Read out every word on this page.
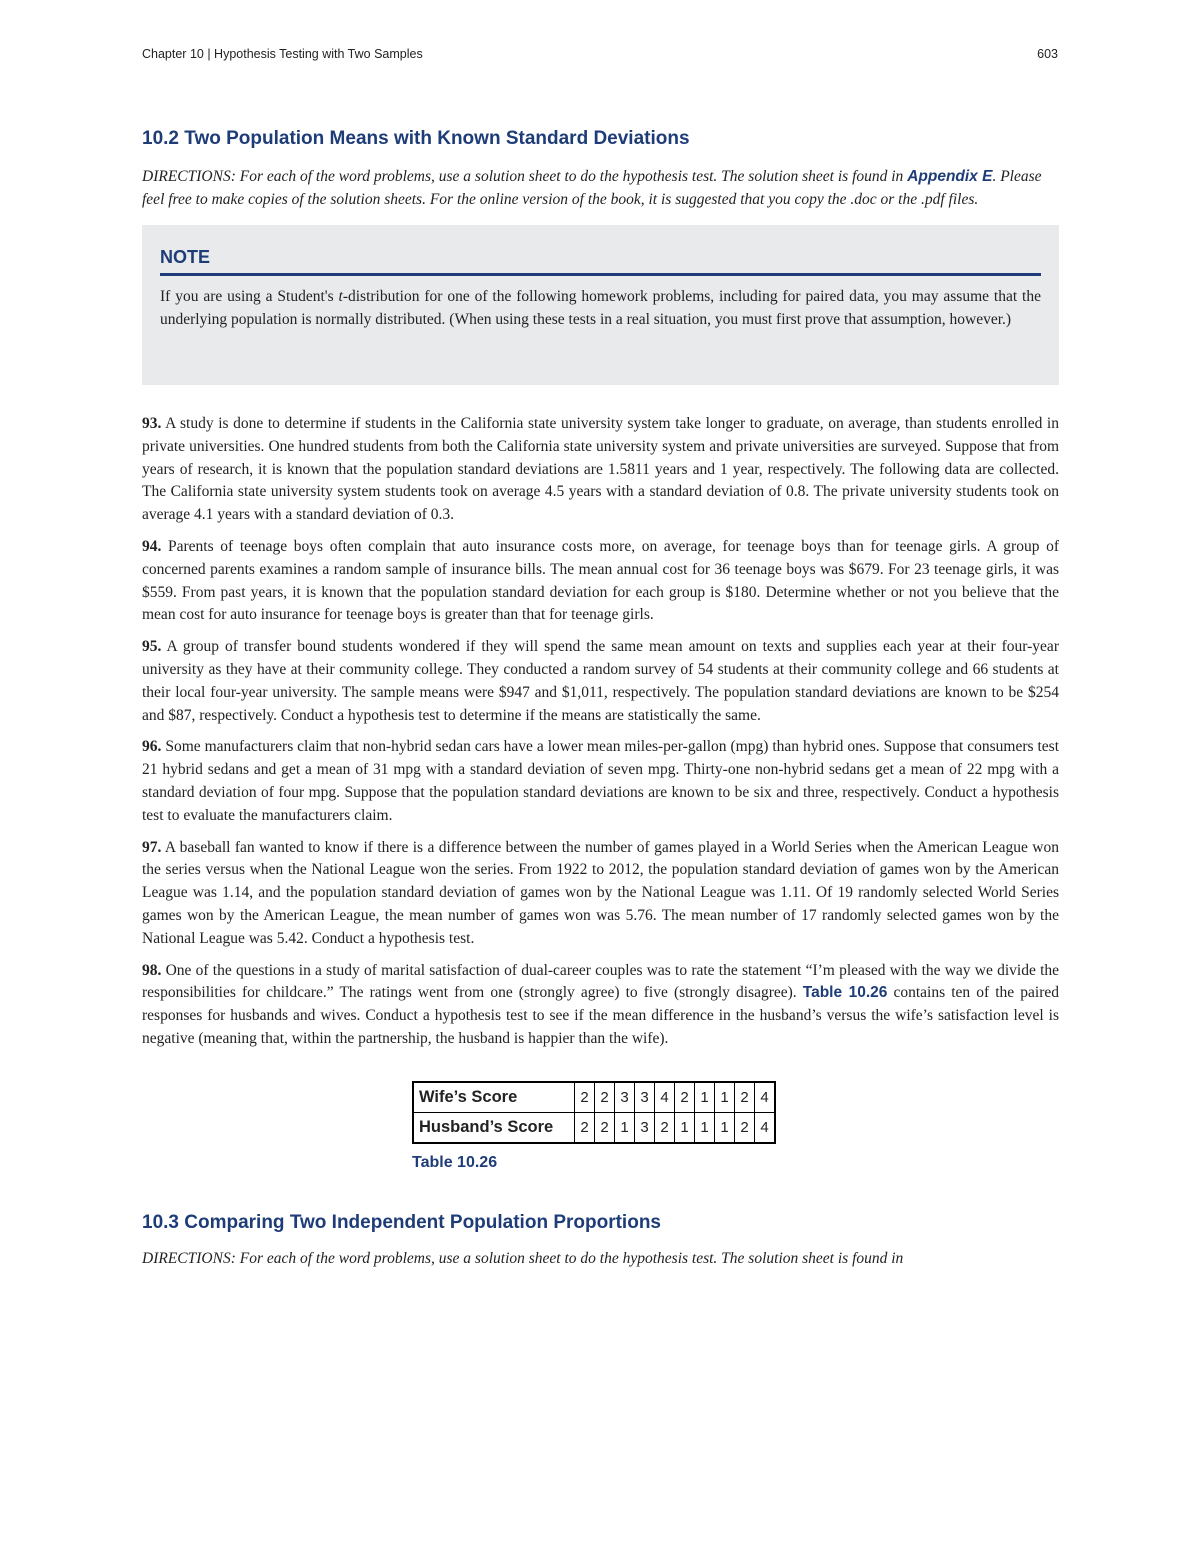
Chapter 10 | Hypothesis Testing with Two Samples	603
10.2 Two Population Means with Known Standard Deviations

DIRECTIONS: For each of the word problems, use a solution sheet to do the hypothesis test. The solution sheet is found in Appendix E. Please feel free to make copies of the solution sheets. For the online version of the book, it is suggested that you copy the .doc or the .pdf files.

NOTE
If you are using a Student's t-distribution for one of the following homework problems, including for paired data, you may assume that the underlying population is normally distributed. (When using these tests in a real situation, you must first prove that assumption, however.)

93. A study is done to determine if students in the California state university system take longer to graduate, on average, than students enrolled in private universities. One hundred students from both the California state university system and private universities are surveyed. Suppose that from years of research, it is known that the population standard deviations are 1.5811 years and 1 year, respectively. The following data are collected. The California state university system students took on average 4.5 years with a standard deviation of 0.8. The private university students took on average 4.1 years with a standard deviation of 0.3.

94. Parents of teenage boys often complain that auto insurance costs more, on average, for teenage boys than for teenage girls. A group of concerned parents examines a random sample of insurance bills. The mean annual cost for 36 teenage boys was $679. For 23 teenage girls, it was $559. From past years, it is known that the population standard deviation for each group is $180. Determine whether or not you believe that the mean cost for auto insurance for teenage boys is greater than that for teenage girls.

95. A group of transfer bound students wondered if they will spend the same mean amount on texts and supplies each year at their four-year university as they have at their community college. They conducted a random survey of 54 students at their community college and 66 students at their local four-year university. The sample means were $947 and $1,011, respectively. The population standard deviations are known to be $254 and $87, respectively. Conduct a hypothesis test to determine if the means are statistically the same.

96. Some manufacturers claim that non-hybrid sedan cars have a lower mean miles-per-gallon (mpg) than hybrid ones. Suppose that consumers test 21 hybrid sedans and get a mean of 31 mpg with a standard deviation of seven mpg. Thirty-one non-hybrid sedans get a mean of 22 mpg with a standard deviation of four mpg. Suppose that the population standard deviations are known to be six and three, respectively. Conduct a hypothesis test to evaluate the manufacturers claim.

97. A baseball fan wanted to know if there is a difference between the number of games played in a World Series when the American League won the series versus when the National League won the series. From 1922 to 2012, the population standard deviation of games won by the American League was 1.14, and the population standard deviation of games won by the National League was 1.11. Of 19 randomly selected World Series games won by the American League, the mean number of games won was 5.76. The mean number of 17 randomly selected games won by the National League was 5.42. Conduct a hypothesis test.

98. One of the questions in a study of marital satisfaction of dual-career couples was to rate the statement “I’m pleased with the way we divide the responsibilities for childcare.” The ratings went from one (strongly agree) to five (strongly disagree). Table 10.26 contains ten of the paired responses for husbands and wives. Conduct a hypothesis test to see if the mean difference in the husband’s versus the wife’s satisfaction level is negative (meaning that, within the partnership, the husband is happier than the wife).

Wife’s Score	2	2	3	3	4	2	1	1	2	4
Husband’s Score	2	2	1	3	2	1	1	1	2	4
Table 10.26
10.3 Comparing Two Independent Population Proportions

DIRECTIONS: For each of the word problems, use a solution sheet to do the hypothesis test. The solution sheet is found in
